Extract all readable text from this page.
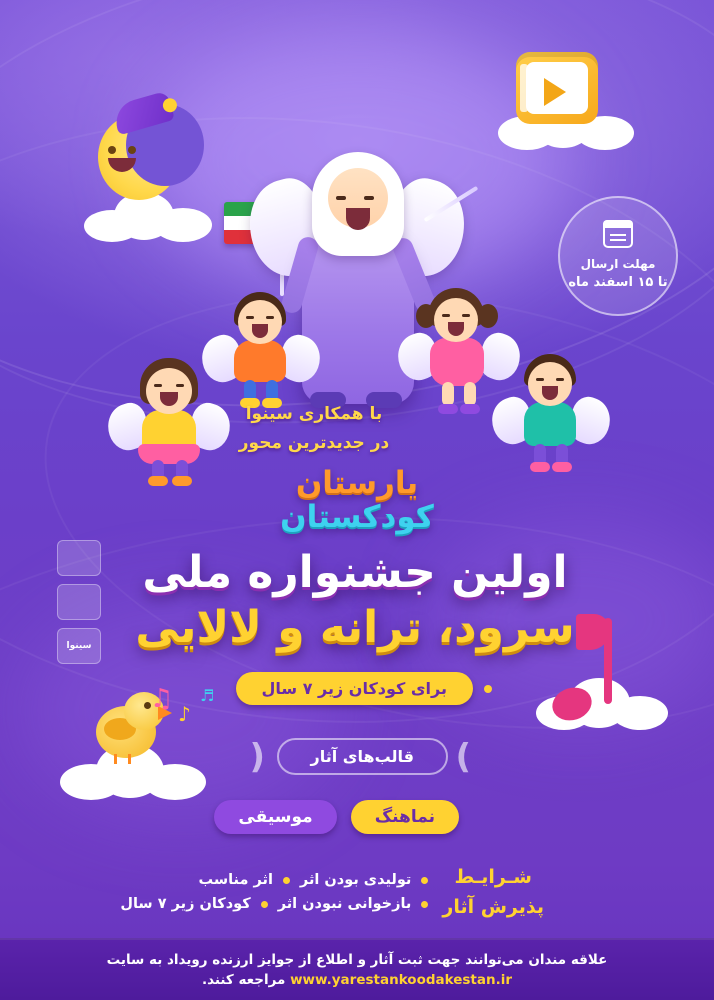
مهلت ارسال
تا ۱۵ اسفند ماه
با همکاری سینوا
در جدیدترین محور
یارستان
کودکستان
سینوا
اولین جشنواره ملی
سرود، ترانه و لالایی
برای کودکان زیر ۷ سال
)
(	قالب‌های آثار
نماهنگ
موسیقی
شـرایـط
پذیرش آثار
تولیدی بودن اثر
اثر مناسب
بازخوانی نبودن اثر
کودکان زیر ۷ سال
♫ ♪
♬
علاقه مندان می‌توانند جهت ثبت آثار و اطلاع از جوایز ارزنده رویداد به سایت www.yarestankoodakestan.ir مراجعه کنند.
